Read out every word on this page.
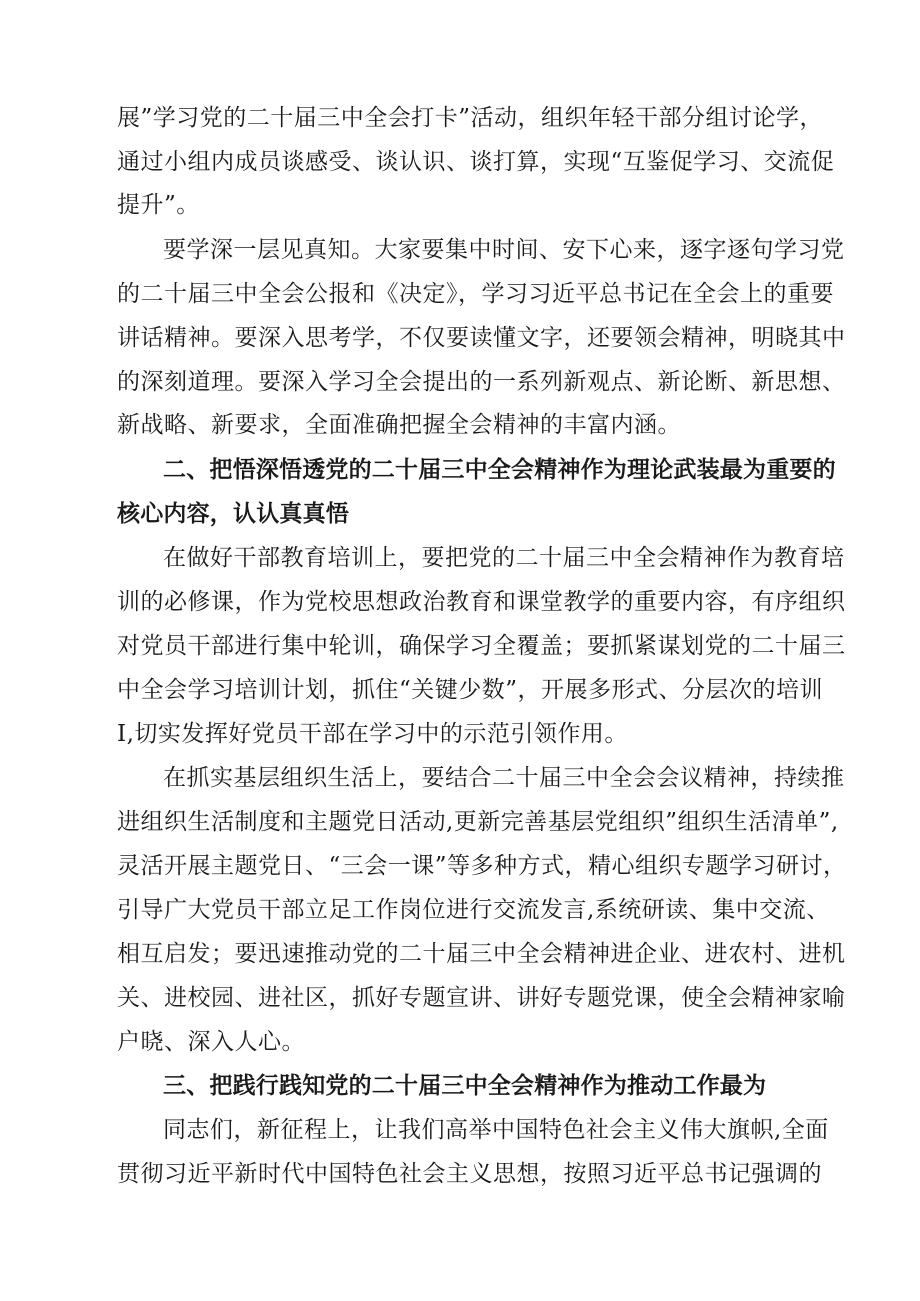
展”学习党的二十届三中全会打卡”活动，组织年轻干部分组讨论学，
通过小组内成员谈感受、谈认识、谈打算，实现“互鉴促学习、交流促
提升”。
要学深一层见真知。大家要集中时间、安下心来，逐字逐句学习党
的二十届三中全会公报和《决定》，学习习近平总书记在全会上的重要
讲话精神。要深入思考学，不仅要读懂文字，还要领会精神，明晓其中
的深刻道理。要深入学习全会提出的一系列新观点、新论断、新思想、
新战略、新要求，全面准确把握全会精神的丰富内涵。
二、把悟深悟透党的二十届三中全会精神作为理论武装最为重要的
核心内容，认认真真悟
在做好干部教育培训上，要把党的二十届三中全会精神作为教育培
训的必修课，作为党校思想政治教育和课堂教学的重要内容，有序组织
对党员干部进行集中轮训，确保学习全覆盖；要抓紧谋划党的二十届三
中全会学习培训计划，抓住“关键少数”，开展多形式、分层次的培训
I,切实发挥好党员干部在学习中的示范引领作用。
在抓实基层组织生活上，要结合二十届三中全会会议精神，持续推
进组织生活制度和主题党日活动,更新完善基层党组织”组织生活清单”,
灵活开展主题党日、“三会一课”等多种方式，精心组织专题学习研讨，
引导广大党员干部立足工作岗位进行交流发言,系统研读、集中交流、
相互启发；要迅速推动党的二十届三中全会精神进企业、进农村、进机
关、进校园、进社区，抓好专题宣讲、讲好专题党课，使全会精神家喻
户晓、深入人心。
三、把践行践知党的二十届三中全会精神作为推动工作最为
同志们，新征程上，让我们高举中国特色社会主义伟大旗帜,全面
贯彻习近平新时代中国特色社会主义思想，按照习近平总书记强调的
